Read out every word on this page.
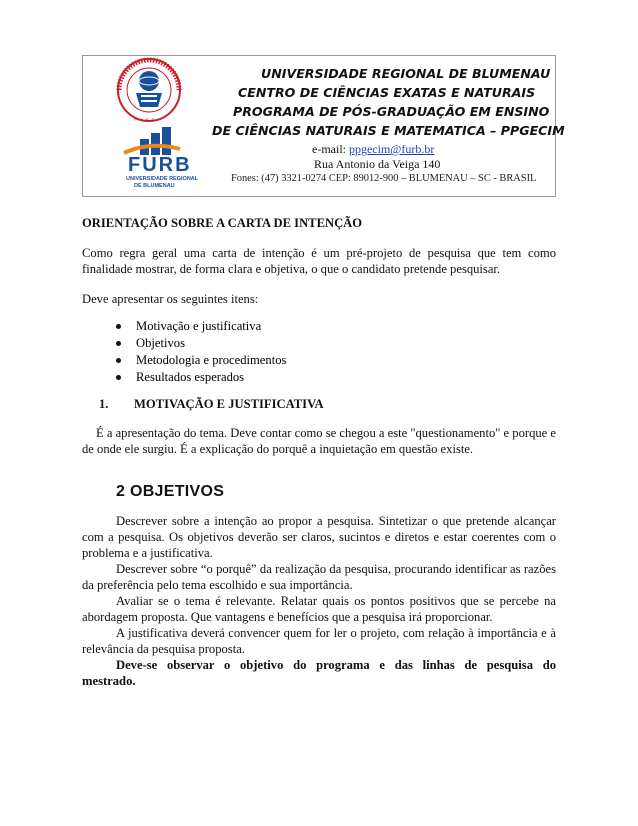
F U R B
FURB
UNIVERSIDADE REGIONAL
DE BLUMENAU
UNIVERSIDADE REGIONAL DE BLUMENAU
CENTRO DE CIÊNCIAS EXATAS E NATURAIS
PROGRAMA DE PÓS-GRADUAÇÃO EM ENSINO
DE CIÊNCIAS NATURAIS E MATEMATICA – PPGECIM
e-mail: ppgecim@furb.br
Rua Antonio da Veiga 140
Fones: (47) 3321-0274 CEP: 89012-900 – BLUMENAU – SC - BRASIL
ORIENTAÇÃO SOBRE A CARTA DE INTENÇÃO
Como regra geral uma carta de intenção é um pré-projeto de pesquisa que tem como finalidade mostrar, de forma clara e objetiva, o que o candidato pretende pesquisar.
Deve apresentar os seguintes itens:
Motivação e justificativa
Objetivos
Metodologia e procedimentos
Resultados esperados
1. MOTIVAÇÃO E JUSTIFICATIVA
É a apresentação do tema. Deve contar como se chegou a este "questionamento" e porque e de onde ele surgiu. É a explicação do porquê a inquietação em questão existe.
2 OBJETIVOS
Descrever sobre a intenção ao propor a pesquisa. Sintetizar o que pretende alcançar com a pesquisa. Os objetivos deverão ser claros, sucintos e diretos e estar coerentes com o problema e a justificativa.
Descrever sobre “o porquê” da realização da pesquisa, procurando identificar as razões da preferência pelo tema escolhido e sua importância.
Avaliar se o tema é relevante. Relatar quais os pontos positivos que se percebe na abordagem proposta. Que vantagens e benefícios que a pesquisa irá proporcionar.
A justificativa deverá convencer quem for ler o projeto, com relação à importância e à relevância da pesquisa proposta.
Deve-se observar o objetivo do programa e das linhas de pesquisa do mestrado.
